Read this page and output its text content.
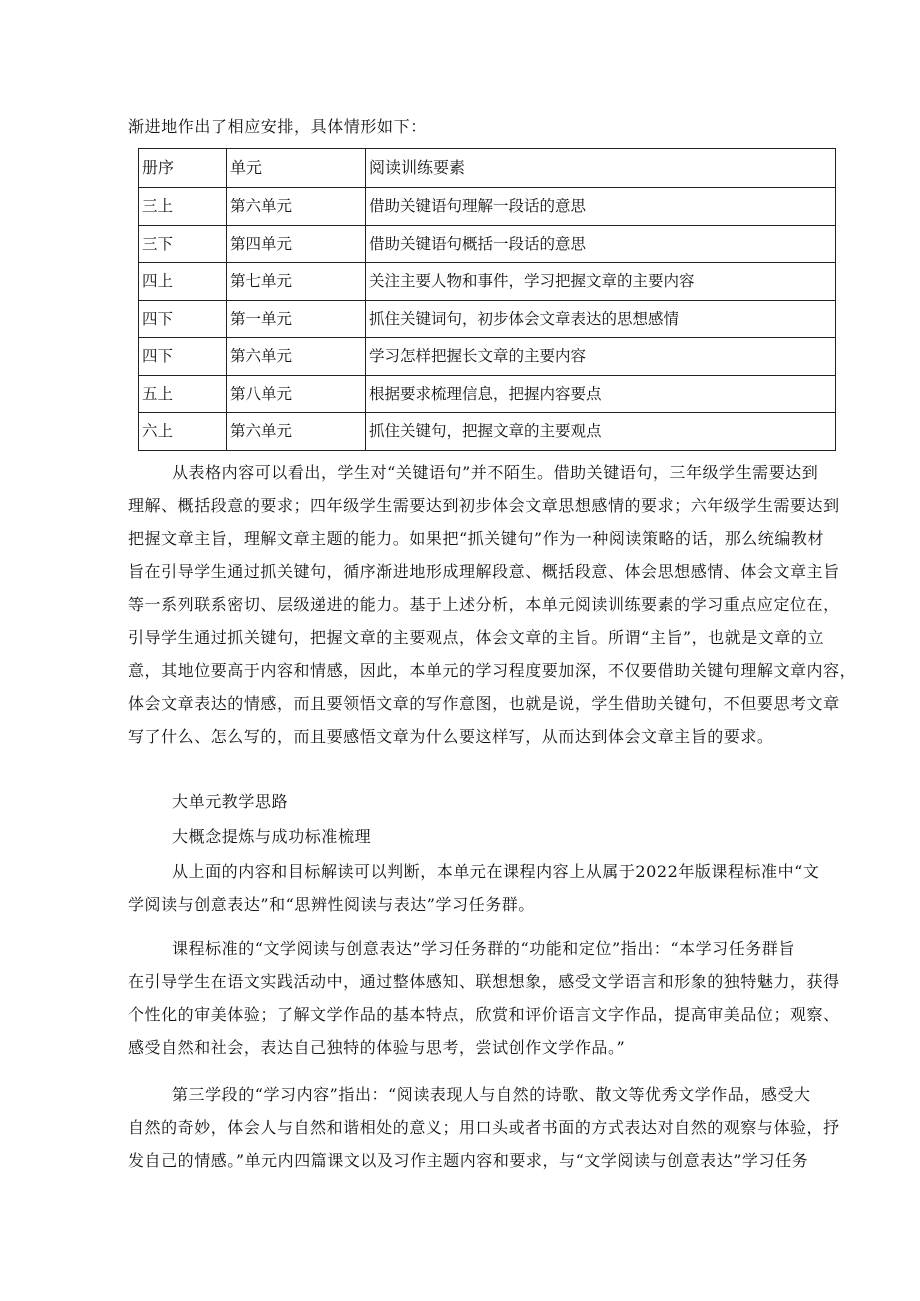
渐进地作出了相应安排，具体情形如下：
册序	单元	阅读训练要素
三上	第六单元	借助关键语句理解一段话的意思
三下	第四单元	借助关键语句概括一段话的意思
四上	第七单元	关注主要人物和事件，学习把握文章的主要内容
四下	第一单元	抓住关键词句，初步体会文章表达的思想感情
四下	第六单元	学习怎样把握长文章的主要内容
五上	第八单元	根据要求梳理信息，把握内容要点
六上	第六单元	抓住关键句，把握文章的主要观点
从表格内容可以看出，学生对“关键语句”并不陌生。借助关键语句，三年级学生需要达到
理解、概括段意的要求；四年级学生需要达到初步体会文章思想感情的要求；六年级学生需要达到
把握文章主旨，理解文章主题的能力。如果把“抓关键句”作为一种阅读策略的话，那么统编教材
旨在引导学生通过抓关键句，循序渐进地形成理解段意、概括段意、体会思想感情、体会文章主旨
等一系列联系密切、层级递进的能力。基于上述分析，本单元阅读训练要素的学习重点应定位在，
引导学生通过抓关键句，把握文章的主要观点，体会文章的主旨。所谓“主旨”，也就是文章的立
意，其地位要高于内容和情感，因此，本单元的学习程度要加深，不仅要借助关键句理解文章内容，
体会文章表达的情感，而且要领悟文章的写作意图，也就是说，学生借助关键句，不但要思考文章
写了什么、怎么写的，而且要感悟文章为什么要这样写，从而达到体会文章主旨的要求。
大单元教学思路
大概念提炼与成功标准梳理
从上面的内容和目标解读可以判断，本单元在课程内容上从属于2022年版课程标准中“文
学阅读与创意表达”和“思辨性阅读与表达”学习任务群。
课程标准的“文学阅读与创意表达”学习任务群的“功能和定位”指出：“本学习任务群旨
在引导学生在语文实践活动中，通过整体感知、联想想象，感受文学语言和形象的独特魅力，获得
个性化的审美体验；了解文学作品的基本特点，欣赏和评价语言文字作品，提高审美品位；观察、
感受自然和社会，表达自己独特的体验与思考，尝试创作文学作品。”
第三学段的“学习内容”指出：“阅读表现人与自然的诗歌、散文等优秀文学作品，感受大
自然的奇妙，体会人与自然和谐相处的意义；用口头或者书面的方式表达对自然的观察与体验，抒
发自己的情感。”单元内四篇课文以及习作主题内容和要求，与“文学阅读与创意表达”学习任务
